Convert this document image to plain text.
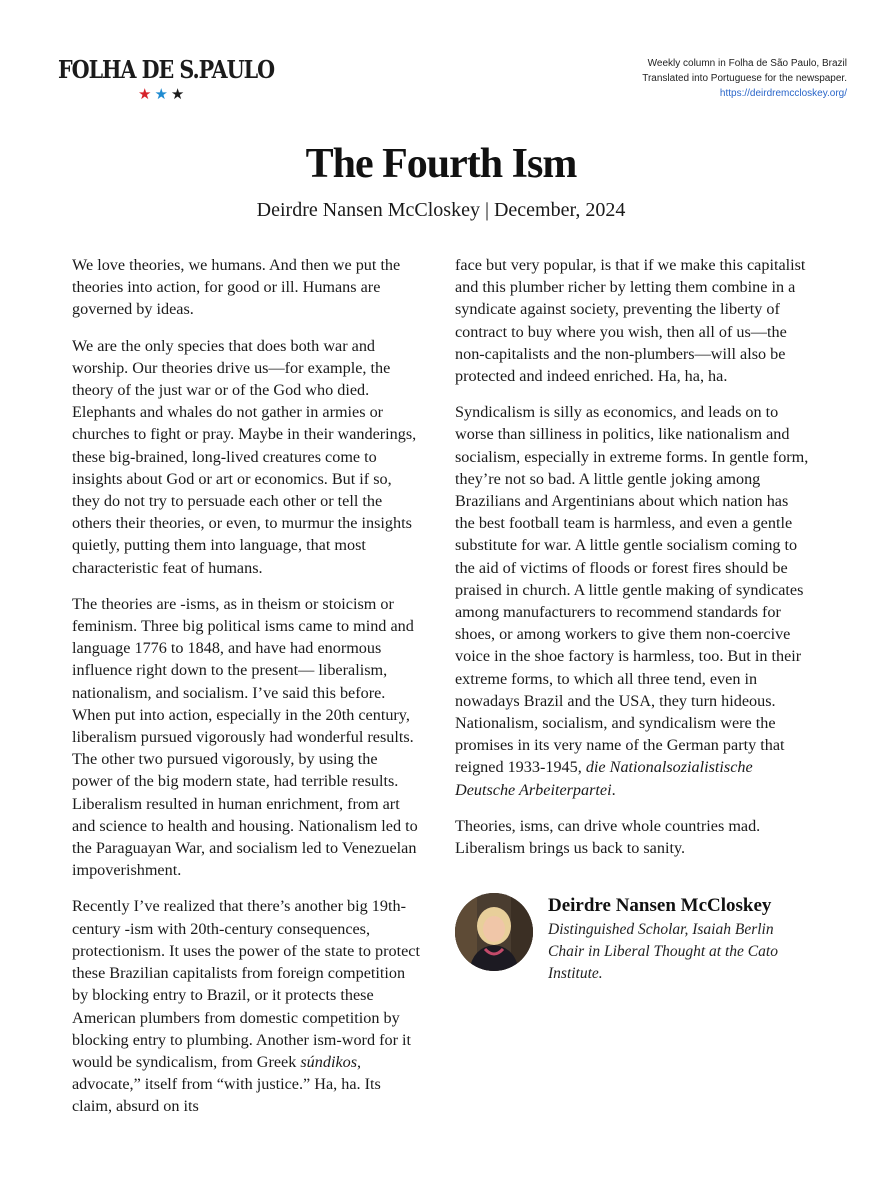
FOLHA DE S.PAULO
★★★
Weekly column in Folha de São Paulo, Brazil
Translated into Portuguese for the newspaper.
https://deirdremccloskey.org/
The Fourth Ism
Deirdre Nansen McCloskey | December, 2024

We love theories, we humans. And then we put the theories into action, for good or ill. Humans are governed by ideas.

We are the only species that does both war and worship. Our theories drive us—for example, the theory of the just war or of the God who died. Elephants and whales do not gather in armies or churches to fight or pray. Maybe in their wanderings, these big-brained, long-lived creatures come to insights about God or art or economics. But if so, they do not try to persuade each other or tell the others their theories, or even, to murmur the insights quietly, putting them into language, that most characteristic feat of humans.

The theories are -isms, as in theism or stoicism or feminism. Three big political isms came to mind and language 1776 to 1848, and have had enormous influence right down to the present— liberalism, nationalism, and socialism. I’ve said this before. When put into action, especially in the 20th century, liberalism pursued vigorously had wonderful results. The other two pursued vigorously, by using the power of the big modern state, had terrible results. Liberalism resulted in human enrichment, from art and science to health and housing. Nationalism led to the Paraguayan War, and socialism led to Venezuelan impoverishment.

Recently I’ve realized that there’s another big 19th-century -ism with 20th-century consequences, protectionism. It uses the power of the state to protect these Brazilian capitalists from foreign competition by blocking entry to Brazil, or it protects these American plumbers from domestic competition by blocking entry to plumbing. Another ism-word for it would be syndicalism, from Greek súndikos, advocate,” itself from “with justice.” Ha, ha. Its claim, absurd on its

face but very popular, is that if we make this capitalist and this plumber richer by letting them combine in a syndicate against society, preventing the liberty of contract to buy where you wish, then all of us—the non-capitalists and the non-plumbers—will also be protected and indeed enriched. Ha, ha, ha.

Syndicalism is silly as economics, and leads on to worse than silliness in politics, like nationalism and socialism, especially in extreme forms. In gentle form, they’re not so bad. A little gentle joking among Brazilians and Argentinians about which nation has the best football team is harmless, and even a gentle substitute for war. A little gentle socialism coming to the aid of victims of floods or forest fires should be praised in church. A little gentle making of syndicates among manufacturers to recommend standards for shoes, or among workers to give them non-coercive voice in the shoe factory is harmless, too. But in their extreme forms, to which all three tend, even in nowadays Brazil and the USA, they turn hideous. Nationalism, socialism, and syndicalism were the promises in its very name of the German party that reigned 1933-1945, die Nationalsozialistische Deutsche Arbeiterpartei.

Theories, isms, can drive whole countries mad. Liberalism brings us back to sanity.

Deirdre Nansen McCloskey
Distinguished Scholar, Isaiah Berlin Chair in Liberal Thought at the Cato Institute.
